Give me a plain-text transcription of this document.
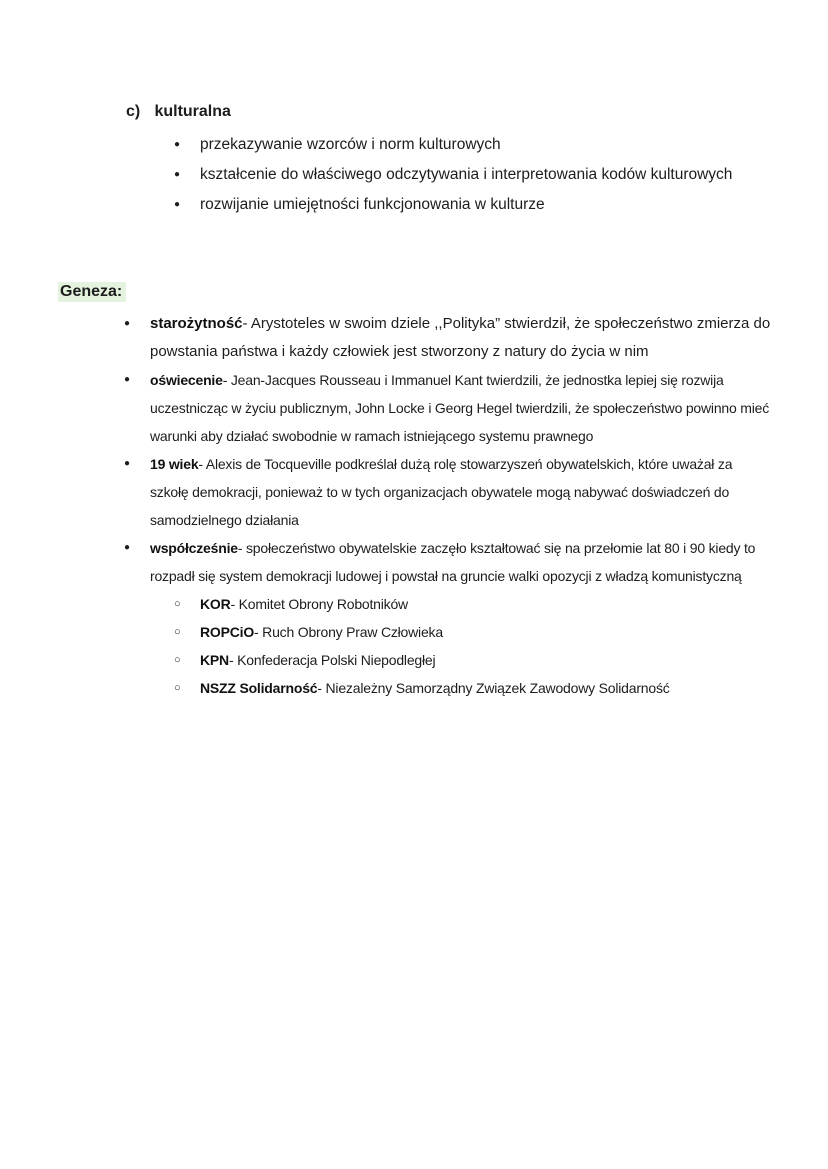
c) kulturalna
● przekazywanie wzorców i norm kulturowych
● kształcenie do właściwego odczytywania i interpretowania kodów kulturowych
● rozwijanie umiejętności funkcjonowania w kulturze
Geneza:
● starożytność- Arystoteles w swoim dziele ,,Polityka” stwierdził, że społeczeństwo zmierza do powstania państwa i każdy człowiek jest stworzony z natury do życia w nim
● oświecenie- Jean-Jacques Rousseau i Immanuel Kant twierdzili, że jednostka lepiej się rozwija uczestnicząc w życiu publicznym, John Locke i Georg Hegel twierdzili, że społeczeństwo powinno mieć warunki aby działać swobodnie w ramach istniejącego systemu prawnego
● 19 wiek- Alexis de Tocqueville podkreślał dużą rolę stowarzyszeń obywatelskich, które uważał za szkołę demokracji, ponieważ to w tych organizacjach obywatele mogą nabywać doświadczeń do samodzielnego działania
● współcześnie- społeczeństwo obywatelskie zaczęło kształtować się na przełomie lat 80 i 90 kiedy to rozpadł się system demokracji ludowej i powstał na gruncie walki opozycji z władzą komunistyczną
○ KOR- Komitet Obrony Robotników
○ ROPCiO- Ruch Obrony Praw Człowieka
○ KPN- Konfederacja Polski Niepodległej
○ NSZZ Solidarność- Niezależny Samorządny Związek Zawodowy Solidarność
